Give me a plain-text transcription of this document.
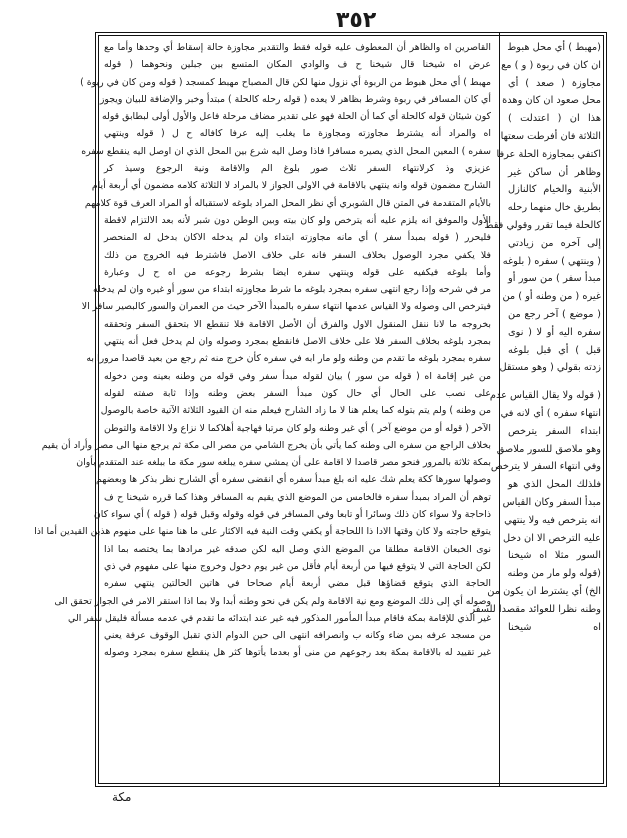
٣٥٢
القاصرين اه والظاهر أن المعطوف عليه قوله فقط والتقدير مجاوزة حالة إسقاط أي وحدها وأما مع
عرض اه شيخنا قال شيخنا ح ف والوادي المكان المتسع بين جبلين ونحوهما ( قوله
مهبط ) أي محل هبوط من الربوة أي نزول منها لكن قال المصباح مهبط كمسجد ( قوله ومن كان في ربوة )
أي كان المسافر في ربوة وشرط بظاهر لا يعده ( قوله رحله كالحلة ) مبتدأ وخبر والإضافة للبيان ويجوز
كون شيئان قوله كالحلة أي كما أن الحلة فهو على تقدير مضاف مرحلة فاعل والأول أولى لبطابق قوله
اه والمراد أنه يشترط مجاوزته ومجاوزة ما يغلب إليه عرفا كافاله ح ل ( قوله وينتهي
سفره ) المعين المحل الذي يصيره مسافرا فاذا وصل اليه شرع بين المحل الذي ان اوصل اليه ينقطع سفره
عزيزي وذ كرلانتهاء السفر ثلاث صور بلوغ الم والاقامة ونية الرجوع وسيذ كر
الشارح مضمون قوله وانه ينتهي بالاقامة في الاولى الجواز لا بالمراد لا الثلاثة كلامه مضمون أي أربعة أيام
بالأيام المتقدمة في المتن قال الشوبري أي نظر المحل المراد بلوغه لاستقباله أو المراد العرف قوة كلامهم
الأول والموفق انه يلزم عليه أنه يترخص ولو كان بيته وبين الوطن دون شبر لأنه بعد الالتزام لاقطة
فليحرر ( قوله بمبدأ سفر ) أي مانه مجاوزته ابتداء وان لم يدخله الاكان بدخل له المنحصر
فلا يكفي مجرد الوصول بخلاف السفر فانه على خلاف الاصل فاشترط فيه الخروج من ذلك
وأما بلوغه فيكفيه على قوله وينتهي سفره ايضا بشرط رجوعه من اه ح ل وعبارة
مر في شرحه وإذا رجع انتهى سفره بمجرد بلوغه ما شرط مجاوزته ابتداء من سور أو غيره وان لم يدخله
فيترخص الى وصوله ولا القياس عدمها انتهاء سفره بالمبدأ الآخر حيث من العمران والسور كالبصير سافر الا
بخروجه ما لانا ننقل المنقول الاول والفرق أن الأصل الاقامة فلا تنقطع الا بتحقق السفر وتحققه
بمجرد بلوغه بخلاف السفر فلا على خلاف الاصل فانقطع بمجرد وصوله وان لم يدخل فعل أنه ينتهي
سفره بمجرد بلوغه ما تقدم من وطنه ولو مار ابه في سفره كأن خرج منه ثم رجع من بعيد قاصدا مرورا به
من غير إقامة اه ( قوله من سور ) بيان لقوله مبدأ سفر وفي قوله من وطنه بعينه ومن دخوله
على نصب على الحال أي حال كون مبدأ السفر بعض وطنه وإذا ثابة صفته لقوله
من وطنه ) ولم يتم بتوله كما يعلم هنا لا ما زاد الشارح فيعلم منه ان القيود الثلاثة الآتية خاصة بالوصول
الآخر ( قوله أو من موضع آخر ) أي غير وطنه ولو كان مرتبا فهاجية أهلاكما لا نزاع ولا الاقامة والتوطن
بخلاف الراجع من سفره الى وطنه كما يأتي بأن يخرج الشامي من مصر الى مكة ثم يرجع منها الى مصر وأراد أن يقيم
بمكة ثلاثة بالمرور فنحو مصر قاصدا لا اقامة على أن يمشي سفره يبلغه سور مكة ما ببلغه عند المتقدم بأوان
وصولها سورها ككة يعلم شك عليه انه بلغ مبدأ سفره أي انقضى سفره أي الشارح نظر بذكر ها وبعضهم
توهم أن المراد بمبدأ سفره فالخامس من الموضع الذي يقيم به المسافر وهذا كما قرره شيخنا ح ف
ذاحاجة ولا سواء كان ذلك وسائرا أو تابعا وفي المسافر في قوله وقوله وقبل قوله ( قوله ) أي سواء كان
يتوقع حاجته ولا كان وقتها الادا ذا اللحاجة أو يكفي وقت النية فيه الاكثار على ما هنا منها على منهوم هذين القيدين أما اذا
نوى الخبعان الاقامة مطلقا من الموضع الذي وصل اليه لكن صدقه غير مرادها بما يختصه بما اذا
لكن الحاجة التي لا يتوقع فيها من أربعة أيام فأقل من غير يوم دخول وخروج منها على مفهوم في ذي
الحاجة الذي يتوقع قضاؤها قبل مضي أربعة أيام صحاحا في هاتين الحالتين ينتهي سفره
وصوله أي إلى ذلك الموضع ومع نية الاقامة ولم يكن في نحو وطنه أبدا ولا بما اذا استقر الامر في الجوار تحقق الى
غير الذي للإقامة بمكة فاقام مبدأ المأمور المذكور فيه غير عند ابتدائه ما تقدم في عدمه مسألة فليقل سفر الي
من مسجد عرفه بمن ضاء وكانه ب وانصرافه انتهى الى حين الدوام الذي تقبل الوقوف عرفة يعني
غير تقييد له بالاقامة بمكة بعد رجوعهم من منى أو بعدما يأتوها كثر هل ينقطع سفره بمجرد وصوله
(مهبط ) أي محل هبوط
ان كان في ربوة ( و ) مع
مجاوزة ( صعد ) أي
محل صعود ان كان وهدة
هذا ان ( اعتدلت )
الثلاثة فان أفرطت سعتها
اكتفي بمجاوزة الحلة عرفا
وظاهر أن ساكن غير
الأبنية والخيام كالنازل
بطريق خال منهما رحله
كالحلة فيما تقرر وقولي فقط
إلى آخره من زيادتي
( وينتهي ) سفره ( بلوغه
مبدأ سفر ) من سور أو
غيره ( من وطنه أو ) من
( موضع ) آخر رجع من
سفره اليه أو لا ( نوى
قبل ) أي قبل بلوغه
زدته بقولي ( وهو مستقل
( قوله ولا يقال القياس عدم
انتهاء سفره ) أي لانه في
ابتداء السفر يترخص
وهو ملاصق للسور ملاصق
وفي انتهاء السفر لا يترخص
فلذلك المحل الذي هو
مبدأ السفر وكان القياس
انه يترخص فيه ولا ينتهي
عليه الترخص الا ان دخل
السور مثلا اه شيخنا
(قوله ولو مار من وطنه
الخ) أي يشترط ان يكون من
وطنه نظرا للعوائد مقصدا للسفر
اه شيخنا
مكة
